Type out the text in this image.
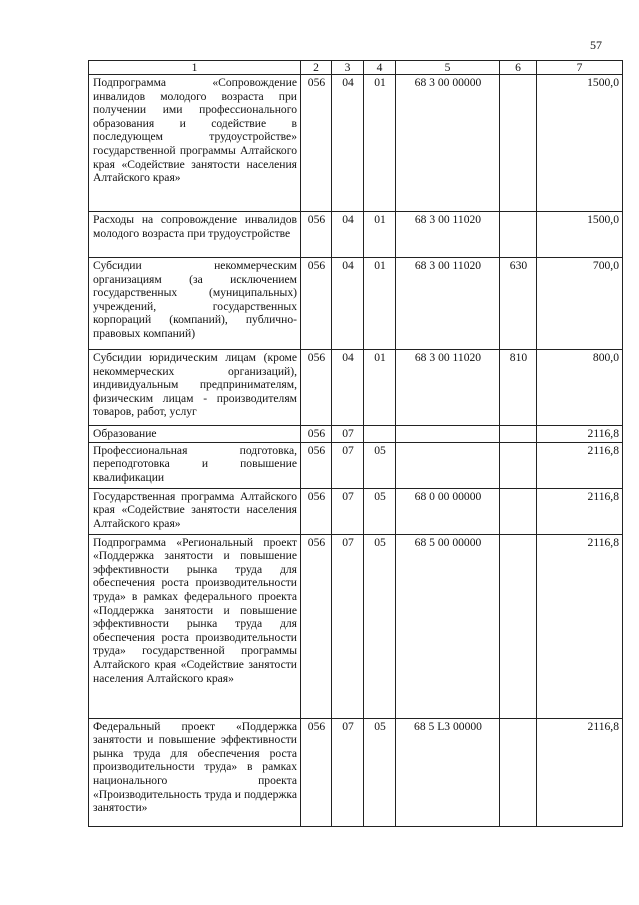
57
1	2	3	4	5	6	7
Подпрограмма «Сопровождение инвалидов молодого возраста при получении ими профессионального образования и содействие в последующем трудоустройстве» государственной программы Алтайского края «Содействие занятости населения Алтайского края»	056	04	01	68 3 00 00000		1500,0
Расходы на сопровождение инвалидов молодого возраста при трудоустройстве	056	04	01	68 3 00 11020		1500,0
Субсидии некоммерческим организациям (за исключением государственных (муниципальных) учреждений, государственных корпораций (компаний), публично-правовых компаний)	056	04	01	68 3 00 11020	630	700,0
Субсидии юридическим лицам (кроме некоммерческих организаций), индивидуальным предпринимателям, физическим лицам - производителям товаров, работ, услуг	056	04	01	68 3 00 11020	810	800,0
Образование	056	07				2116,8
Профессиональная подготовка, переподготовка и повышение квалификации	056	07	05			2116,8
Государственная программа Алтайского края «Содействие занятости населения Алтайского края»	056	07	05	68 0 00 00000		2116,8
Подпрограмма «Региональный проект «Поддержка занятости и повышение эффективности рынка труда для обеспечения роста производительности труда» в рамках федерального проекта «Поддержка занятости и повышение эффективности рынка труда для обеспечения роста производительности труда» государственной программы Алтайского края «Содействие занятости населения Алтайского края»	056	07	05	68 5 00 00000		2116,8
Федеральный проект «Поддержка занятости и повышение эффективности рынка труда для обеспечения роста производительности труда» в рамках национального проекта «Производительность труда и поддержка занятости»	056	07	05	68 5 L3 00000		2116,8
